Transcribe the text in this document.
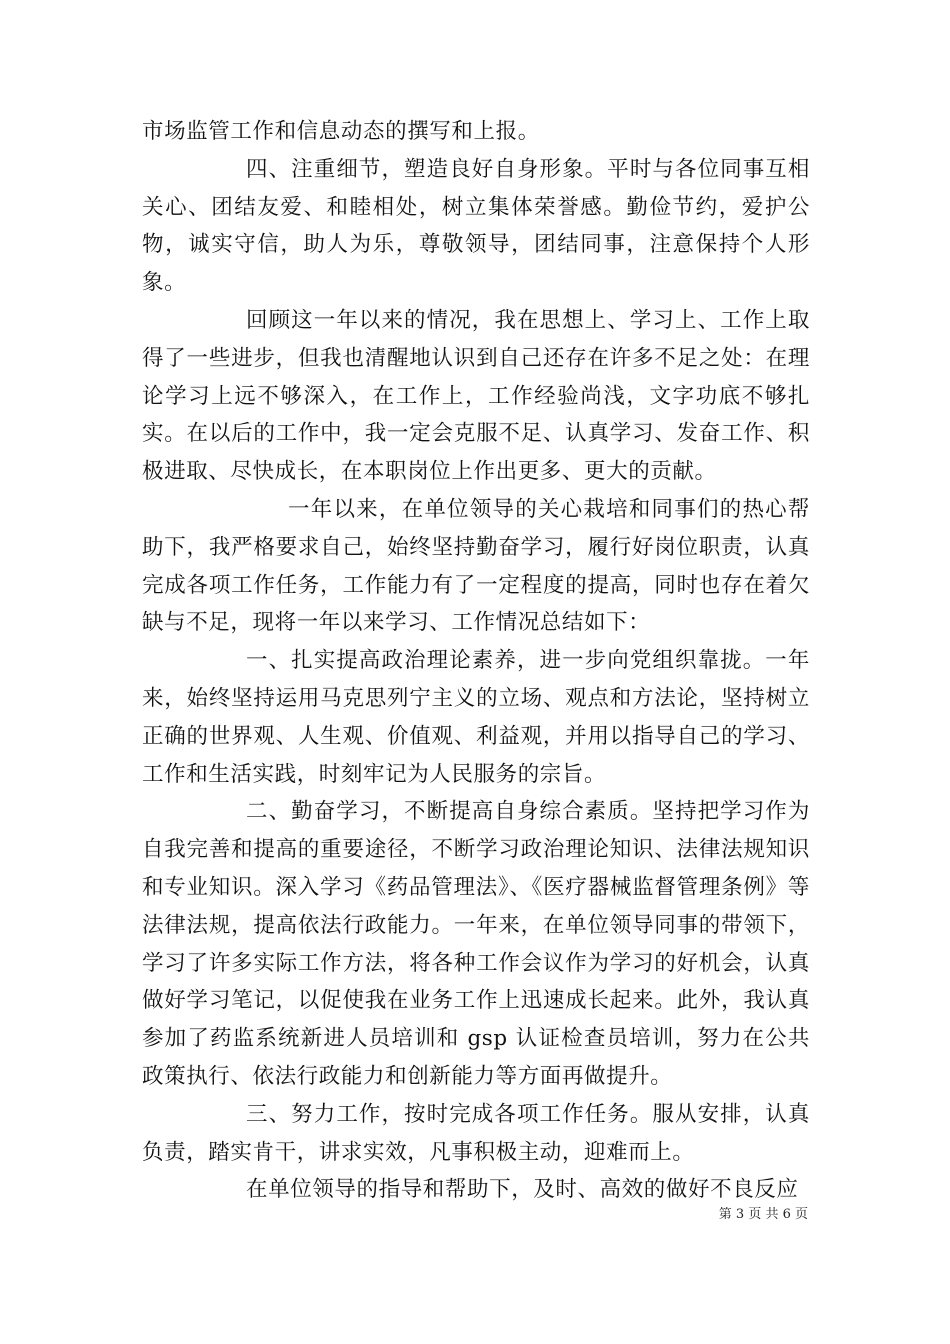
市场监管工作和信息动态的撰写和上报。

四、注重细节，塑造良好自身形象。平时与各位同事互相关心、团结友爱、和睦相处，树立集体荣誉感。勤俭节约，爱护公物，诚实守信，助人为乐，尊敬领导，团结同事，注意保持个人形象。

回顾这一年以来的情况，我在思想上、学习上、工作上取得了一些进步，但我也清醒地认识到自己还存在许多不足之处：在理论学习上远不够深入，在工作上，工作经验尚浅，文字功底不够扎实。在以后的工作中，我一定会克服不足、认真学习、发奋工作、积极进取、尽快成长，在本职岗位上作出更多、更大的贡献。

一年以来，在单位领导的关心栽培和同事们的热心帮助下，我严格要求自己，始终坚持勤奋学习，履行好岗位职责，认真完成各项工作任务，工作能力有了一定程度的提高，同时也存在着欠缺与不足，现将一年以来学习、工作情况总结如下：

一、扎实提高政治理论素养，进一步向党组织靠拢。一年来，始终坚持运用马克思列宁主义的立场、观点和方法论，坚持树立正确的世界观、人生观、价值观、利益观，并用以指导自己的学习、工作和生活实践，时刻牢记为人民服务的宗旨。

二、勤奋学习，不断提高自身综合素质。坚持把学习作为自我完善和提高的重要途径，不断学习政治理论知识、法律法规知识和专业知识。深入学习《药品管理法》、《医疗器械监督管理条例》等法律法规，提高依法行政能力。一年来，在单位领导同事的带领下，学习了许多实际工作方法，将各种工作会议作为学习的好机会，认真做好学习笔记，以促使我在业务工作上迅速成长起来。此外，我认真参加了药监系统新进人员培训和 gsp 认证检查员培训，努力在公共政策执行、依法行政能力和创新能力等方面再做提升。

三、努力工作，按时完成各项工作任务。服从安排，认真负责，踏实肯干，讲求实效，凡事积极主动，迎难而上。

在单位领导的指导和帮助下，及时、高效的做好不良反应

第 3 页 共 6 页
